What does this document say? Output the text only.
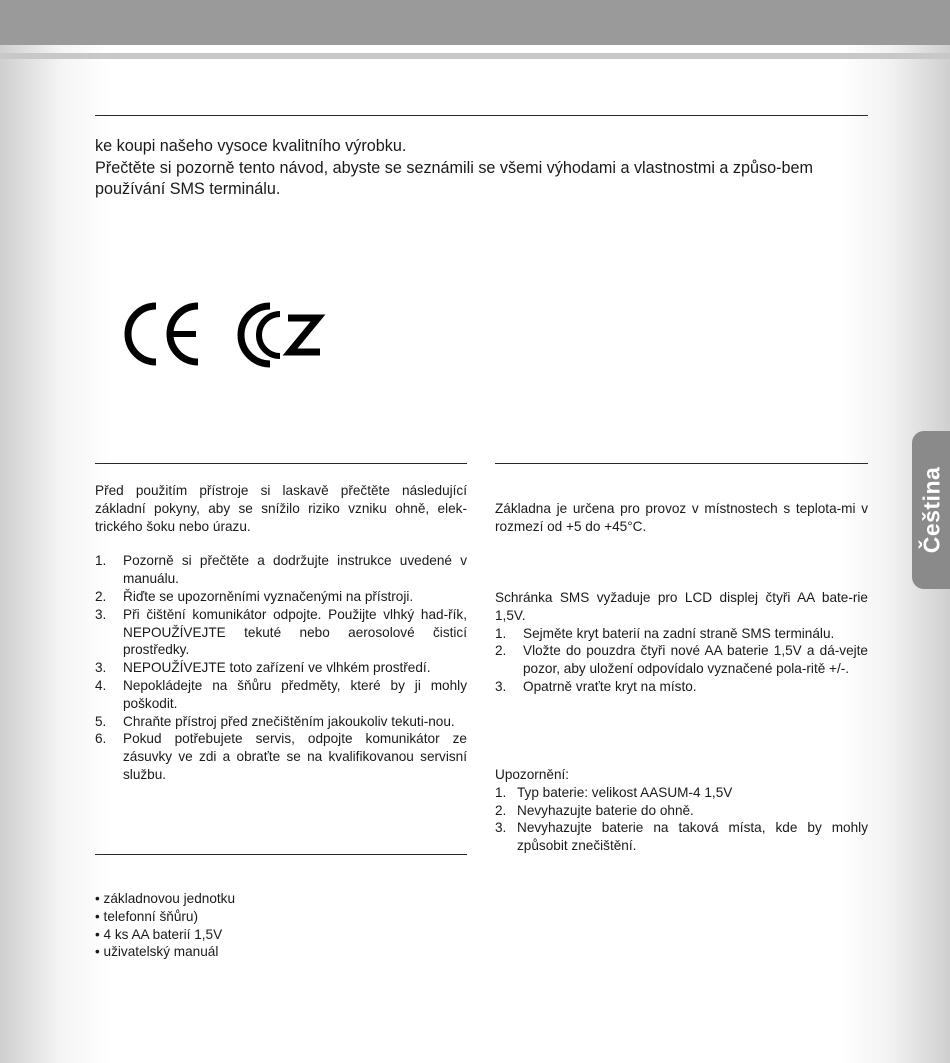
ke koupi našeho vysoce kvalitního výrobku.

Přečtěte si pozorně tento návod, abyste se seznámili se všemi výhodami a vlastnostmi a způso-bem používání SMS terminálu.

Před použitím přístroje si laskavě přečtěte následující základní pokyny, aby se snížilo riziko vzniku ohně, elek-trického šoku nebo úrazu.

1. Pozorně si přečtěte a dodržujte instrukce uvedené v manuálu.
2. Řiďte se upozorněními vyznačenými na přístroji.
3. Při čištění komunikátor odpojte. Použijte vlhký had-řík, NEPOUŽÍVEJTE tekuté nebo aerosolové čisticí prostředky.
3. NEPOUŽÍVEJTE toto zařízení ve vlhkém prostředí.
4. Nepokládejte na šňůru předměty, které by ji mohly poškodit.
5. Chraňte přístroj před znečištěním jakoukoliv tekuti-nou.
6. Pokud potřebujete servis, odpojte komunikátor ze zásuvky ve zdi a obraťte se na kvalifikovanou servisní službu.
• základnovou jednotku
• telefonní šňůru)
• 4 ks AA baterií 1,5V
• uživatelský manuál

Základna je určena pro provoz v místnostech s teplota-mi v rozmezí od +5 do +45°C.

Schránka SMS vyžaduje pro LCD displej čtyři AA bate-rie 1,5V.

1. Sejměte kryt baterií na zadní straně SMS terminálu.
2. Vložte do pouzdra čtyři nové AA baterie 1,5V a dá-vejte pozor, aby uložení odpovídalo vyznačené pola-ritě +/-.
3. Opatrně vraťte kryt na místo.

Upozornění:

1. Typ baterie: velikost AASUM-4 1,5V
2. Nevyhazujte baterie do ohně.
3. Nevyhazujte baterie na taková místa, kde by mohly způsobit znečištění.
Čeština
